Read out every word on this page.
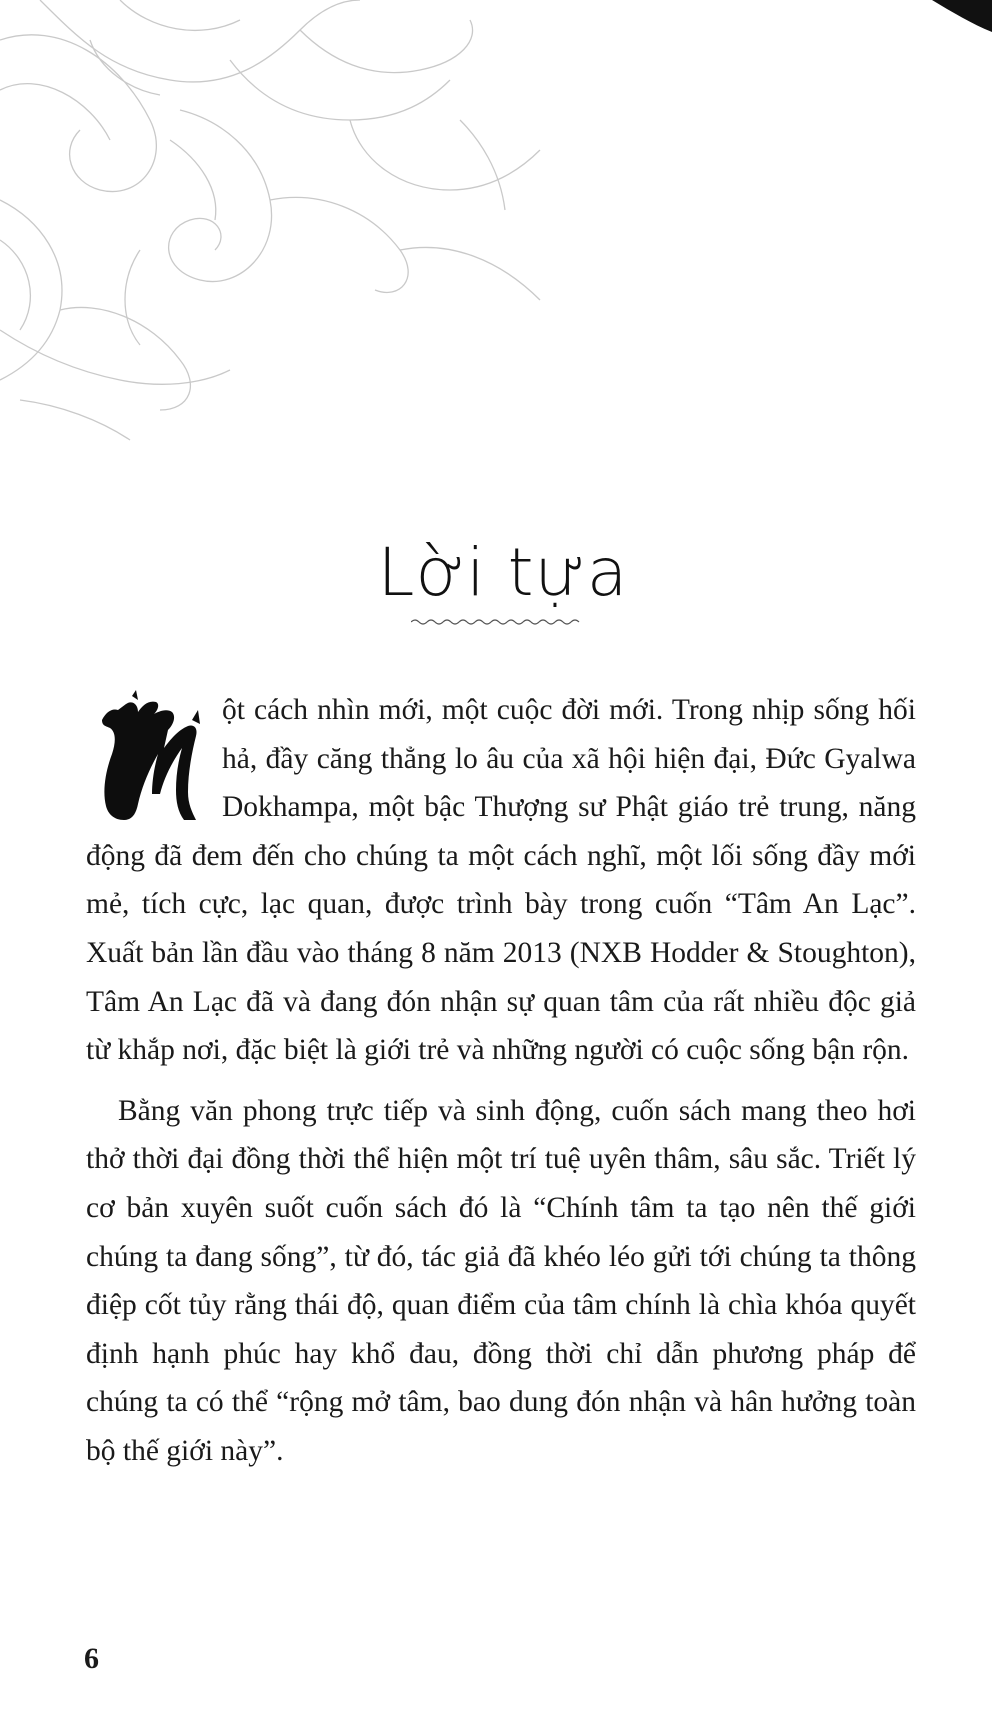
Lời tựa

ột cách nhìn mới, một cuộc đời mới. Trong nhịp sống hối hả, đầy căng thẳng lo âu của xã hội hiện đại, Đức Gyalwa Dokhampa, một bậc Thượng sư Phật giáo trẻ trung, năng động đã đem đến cho chúng ta một cách nghĩ, một lối sống đầy mới mẻ, tích cực, lạc quan, được trình bày trong cuốn “Tâm An Lạc”. Xuất bản lần đầu vào tháng 8 năm 2013 (NXB Hodder & Stoughton), Tâm An Lạc đã và đang đón nhận sự quan tâm của rất nhiều độc giả từ khắp nơi, đặc biệt là giới trẻ và những người có cuộc sống bận rộn.

Bằng văn phong trực tiếp và sinh động, cuốn sách mang theo hơi thở thời đại đồng thời thể hiện một trí tuệ uyên thâm, sâu sắc. Triết lý cơ bản xuyên suốt cuốn sách đó là “Chính tâm ta tạo nên thế giới chúng ta đang sống”, từ đó, tác giả đã khéo léo gửi tới chúng ta thông điệp cốt tủy rằng thái độ, quan điểm của tâm chính là chìa khóa quyết định hạnh phúc hay khổ đau, đồng thời chỉ dẫn phương pháp để chúng ta có thể “rộng mở tâm, bao dung đón nhận và hân hưởng toàn bộ thế giới này”.

6
